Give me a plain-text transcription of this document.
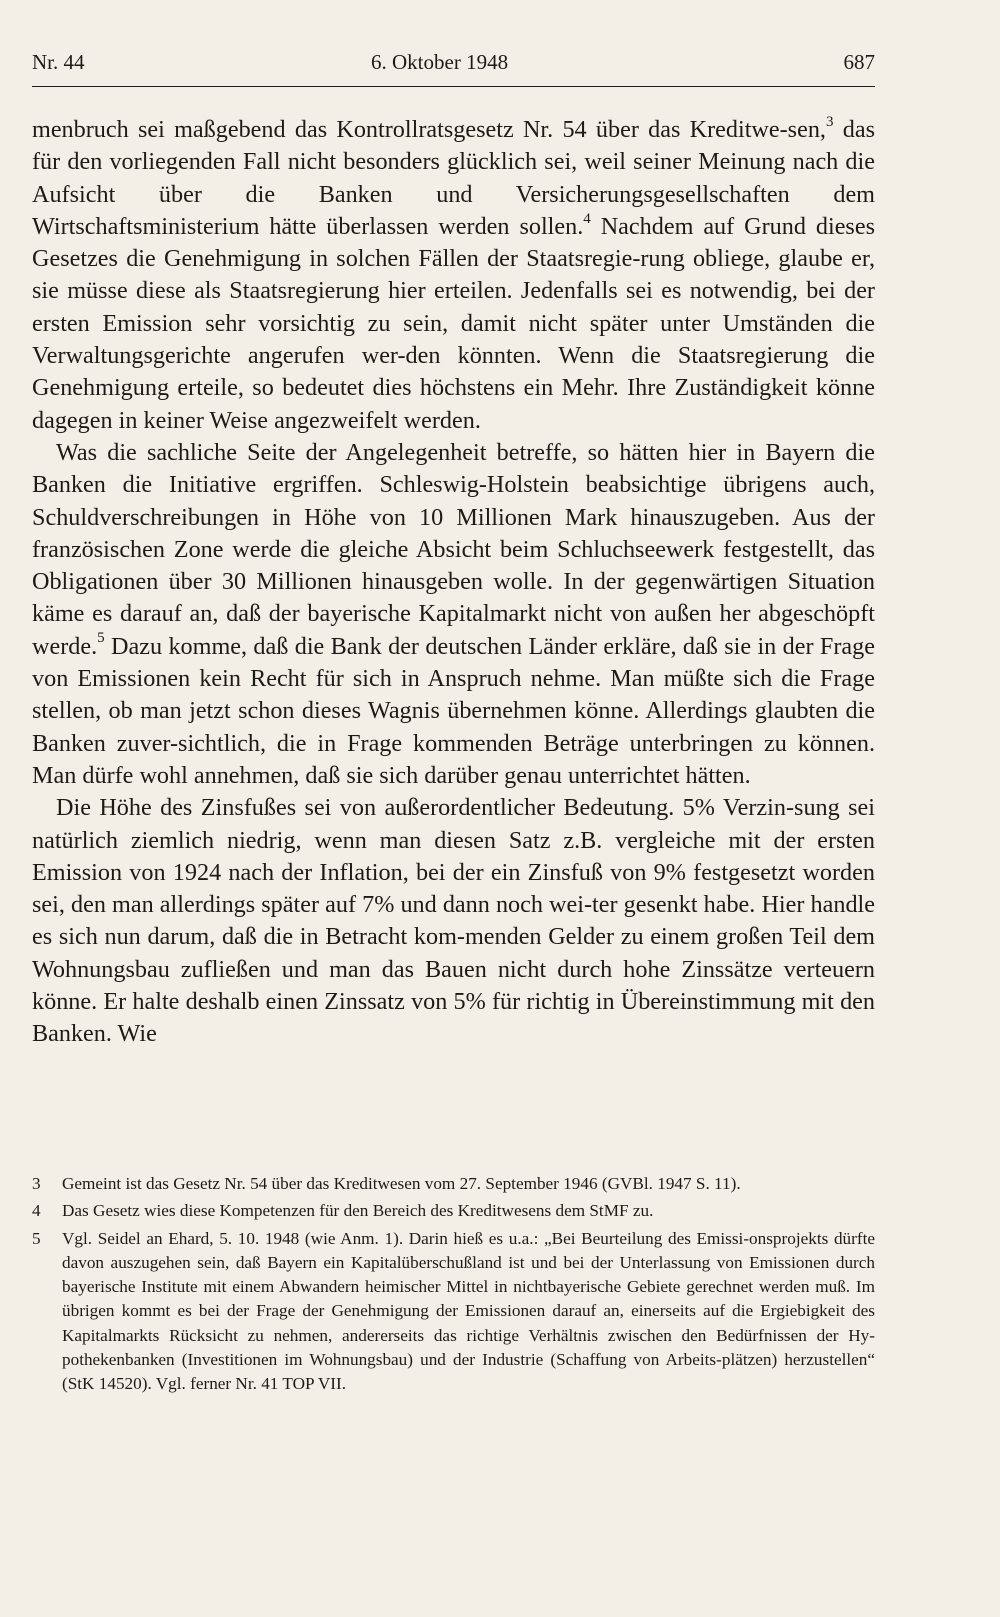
Nr. 44	6. Oktober 1948	687

menbruch sei maßgebend das Kontrollratsgesetz Nr. 54 über das Kreditwe-sen,$^3$ das für den vorliegenden Fall nicht besonders glücklich sei, weil seiner Meinung nach die Aufsicht über die Banken und Versicherungsgesellschaften dem Wirtschaftsministerium hätte überlassen werden sollen.$^4$ Nachdem auf Grund dieses Gesetzes die Genehmigung in solchen Fällen der Staatsregie-rung obliege, glaube er, sie müsse diese als Staatsregierung hier erteilen. Jedenfalls sei es notwendig, bei der ersten Emission sehr vorsichtig zu sein, damit nicht später unter Umständen die Verwaltungsgerichte angerufen wer-den könnten. Wenn die Staatsregierung die Genehmigung erteile, so bedeutet dies höchstens ein Mehr. Ihre Zuständigkeit könne dagegen in keiner Weise angezweifelt werden.

Was die sachliche Seite der Angelegenheit betreffe, so hätten hier in Bayern die Banken die Initiative ergriffen. Schleswig-Holstein beabsichtige übrigens auch, Schuldverschreibungen in Höhe von 10 Millionen Mark hinauszugeben. Aus der französischen Zone werde die gleiche Absicht beim Schluchseewerk festgestellt, das Obligationen über 30 Millionen hinausgeben wolle. In der gegenwärtigen Situation käme es darauf an, daß der bayerische Kapitalmarkt nicht von außen her abgeschöpft werde.$^5$ Dazu komme, daß die Bank der deutschen Länder erkläre, daß sie in der Frage von Emissionen kein Recht für sich in Anspruch nehme. Man müßte sich die Frage stellen, ob man jetzt schon dieses Wagnis übernehmen könne. Allerdings glaubten die Banken zuver-sichtlich, die in Frage kommenden Beträge unterbringen zu können. Man dürfe wohl annehmen, daß sie sich darüber genau unterrichtet hätten.

Die Höhe des Zinsfußes sei von außerordentlicher Bedeutung. 5% Verzin-sung sei natürlich ziemlich niedrig, wenn man diesen Satz z.B. vergleiche mit der ersten Emission von 1924 nach der Inflation, bei der ein Zinsfuß von 9% festgesetzt worden sei, den man allerdings später auf 7% und dann noch wei-ter gesenkt habe. Hier handle es sich nun darum, daß die in Betracht kom-menden Gelder zu einem großen Teil dem Wohnungsbau zufließen und man das Bauen nicht durch hohe Zinssätze verteuern könne. Er halte deshalb einen Zinssatz von 5% für richtig in Übereinstimmung mit den Banken. Wie

3 Gemeint ist das Gesetz Nr. 54 über das Kreditwesen vom 27. September 1946 (GVBl. 1947 S. 11).
4 Das Gesetz wies diese Kompetenzen für den Bereich des Kreditwesens dem StMF zu.
5 Vgl. Seidel an Ehard, 5. 10. 1948 (wie Anm. 1). Darin hieß es u.a.: „Bei Beurteilung des Emissi-onsprojekts dürfte davon auszugehen sein, daß Bayern ein Kapitalüberschußland ist und bei der Unterlassung von Emissionen durch bayerische Institute mit einem Abwandern heimischer Mittel in nichtbayerische Gebiete gerechnet werden muß. Im übrigen kommt es bei der Frage der Genehmigung der Emissionen darauf an, einerseits auf die Ergiebigkeit des Kapitalmarkts Rücksicht zu nehmen, andererseits das richtige Verhältnis zwischen den Bedürfnissen der Hy-pothekenbanken (Investitionen im Wohnungsbau) und der Industrie (Schaffung von Arbeits-plätzen) herzustellen“ (StK 14520). Vgl. ferner Nr. 41 TOP VII.
